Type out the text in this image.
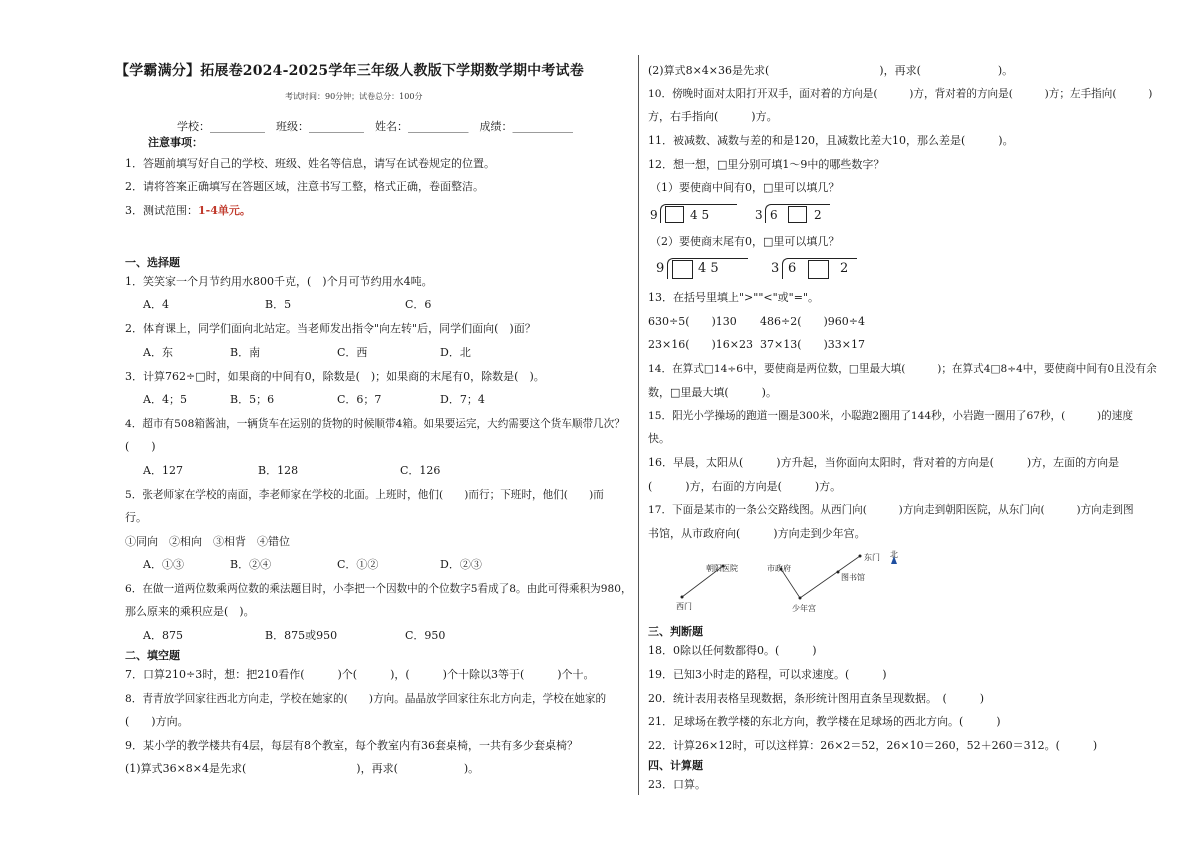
【学霸满分】拓展卷2024-2025学年三年级人教版下学期数学期中考试卷
考试时间：90分钟；试卷总分：100分
学校：__________　班级：__________　姓名：___________　成绩：___________
注意事项：
1．答题前填写好自己的学校、班级、姓名等信息，请写在试卷规定的位置。
2．请将答案正确填写在答题区域，注意书写工整，格式正确，卷面整洁。
3．测试范围：1-4单元。
一、选择题
1．笑笑家一个月节约用水800千克，(　)个月可节约用水4吨。
A．4	B．5	C．6
2．体育课上，同学们面向北站定。当老师发出指令"向左转"后，同学们面向(　)面？
A．东	B．南	C．西	D．北
3．计算762÷□时，如果商的中间有0，除数是(　)；如果商的末尾有0，除数是(　)。
A．4；5	B．5；6	C．6；7	D．7；4
4．超市有508箱酱油，一辆货车在运别的货物的时候顺带4箱。如果要运完，大约需要这个货车顺带几次？
(　　)
A．127	B．128	C．126
5．张老师家在学校的南面，李老师家在学校的北面。上班时，他们(　　)而行；下班时，他们(　　)而
行。
①同向　②相向　③相背　④错位
A．①③	B．②④	C．①②	D．②③
6．在做一道两位数乘两位数的乘法题目时，小李把一个因数中的个位数字5看成了8。由此可得乘积为980，
那么原来的乘积应是(　)。
A．875	B．875或950	C．950
二、填空题
7．口算210÷3时，想：把210看作(　　　)个(　　　)，(　　　)个十除以3等于(　　　)个十。
8．青青放学回家往西北方向走，学校在她家的(　　)方向。晶晶放学回家往东北方向走，学校在她家的
(　　)方向。
9．某小学的教学楼共有4层，每层有8个教室，每个教室内有36套桌椅，一共有多少套桌椅？
(1)算式36×8×4是先求(　　　　　　　　　　)，再求(　　　　　　)。
(2)算式8×4×36是先求(　　　　　　　　　　)，再求(　　　　　　　)。
10．傍晚时面对太阳打开双手，面对着的方向是(　　　)方，背对着的方向是(　　　)方；左手指向(　　　)
方，右手指向(　　　)方。
11．被减数、减数与差的和是120，且减数比差大10，那么差是(　　　)。
12．想一想，□里分别可填1～9中的哪些数字？
（1）要使商中间有0，□里可以填几？
9	4 5	3 6	2
（2）要使商末尾有0，□里可以填几？
9	4 5	3 6	2
13．在括号里填上">""<"或"="。
630÷5(　　)130 486÷2(　　)960÷4
23×16(　　)16×23 37×13(　　)33×17
14．在算式□14÷6中，要使商是两位数，□里最大填(　　　)；在算式4□8÷4中，要使商中间有0且没有余
数，□里最大填(　　　)。
15．阳光小学操场的跑道一圈是300米，小聪跑2圈用了144秒，小岩跑一圈用了67秒，(　　　)的速度
快。
16．早晨，太阳从(　　　)方升起，当你面向太阳时，背对着的方向是(　　　)方，左面的方向是
(　　　)方，右面的方向是(　　　)方。
17．下面是某市的一条公交路线图。从西门向(　　　)方向走到朝阳医院，从东门向(　　　)方向走到图
书馆，从市政府向(　　　)方向走到少年宫。
西门
朝阳医院	市政府
少年宫
图书馆
东门 北
三、判断题
18．0除以任何数都得0。(　　　)
19．已知3小时走的路程，可以求速度。(　　　)
20．统计表用表格呈现数据，条形统计图用直条呈现数据。　(　　　)
21．足球场在教学楼的东北方向，教学楼在足球场的西北方向。(　　　)
22．计算26×12时，可以这样算：26×2＝52，26×10＝260，52＋260＝312。(　　　)
四、计算题
23．口算。
